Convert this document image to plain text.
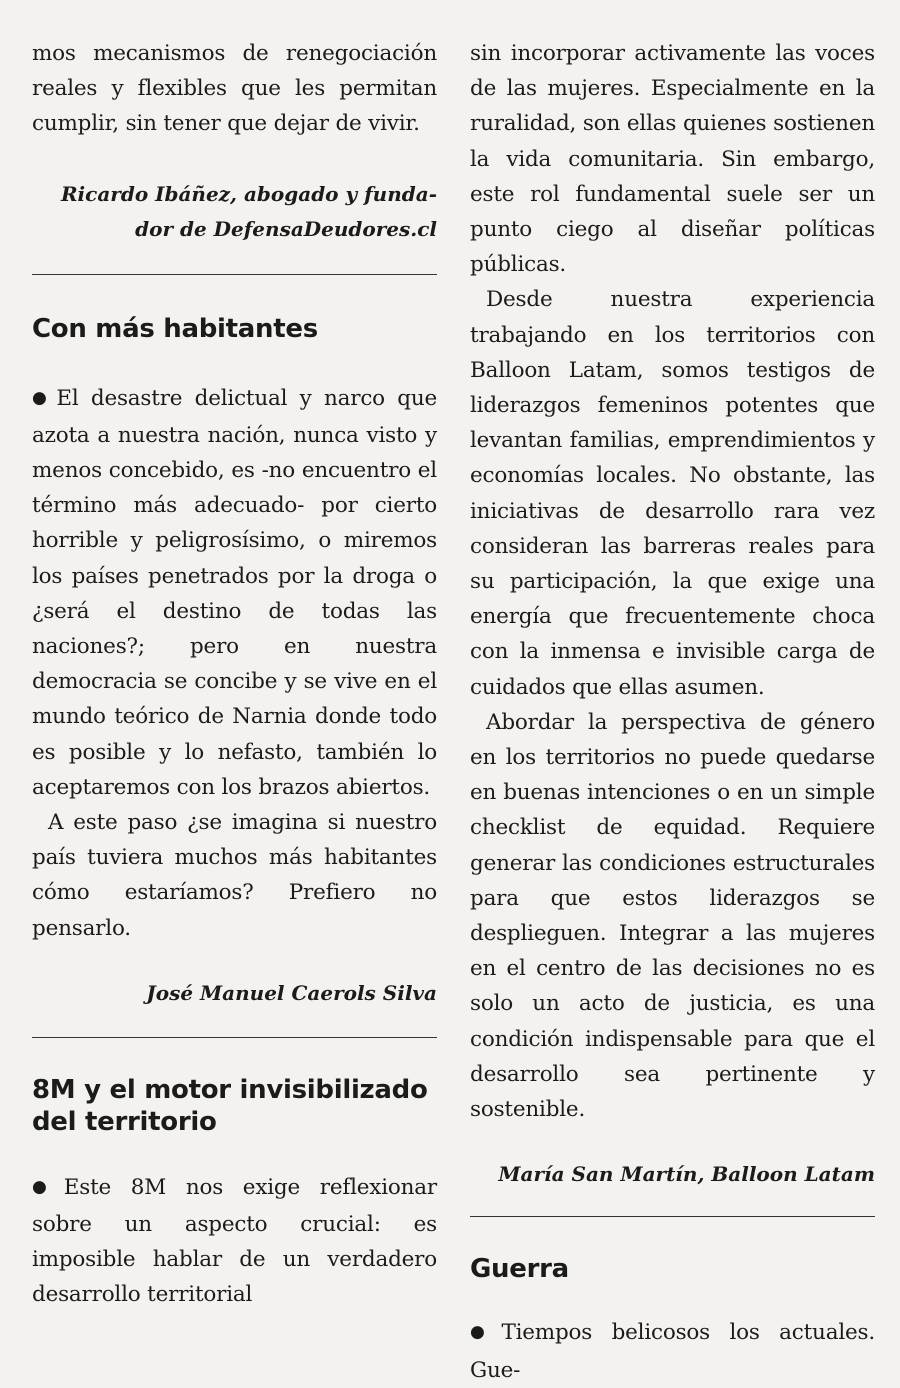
mos mecanismos de renegociación reales y flexibles que les permitan cumplir, sin tener que dejar de vivir.

Ricardo Ibáñez, abogado y funda-
dor de DefensaDeudores.cl

Con más habitantes

● El desastre delictual y narco que azota a nuestra nación, nunca visto y menos concebido, es -no encuentro el término más adecuado- por cierto horrible y peligrosísimo, o miremos los países penetrados por la droga o ¿será el destino de todas las naciones?; pero en nuestra democracia se concibe y se vive en el mundo teórico de Narnia donde todo es posible y lo nefasto, también lo aceptaremos con los brazos abiertos.

A este paso ¿se imagina si nuestro país tuviera muchos más habitantes cómo estaríamos? Prefiero no pensarlo.

José Manuel Caerols Silva

8M y el motor invisibilizado del territorio

● Este 8M nos exige reflexionar sobre un aspecto crucial: es imposible hablar de un verdadero desarrollo territorial

sin incorporar activamente las voces de las mujeres. Especialmente en la ruralidad, son ellas quienes sostienen la vida comunitaria. Sin embargo, este rol fundamental suele ser un punto ciego al diseñar políticas públicas.

Desde nuestra experiencia trabajando en los territorios con Balloon Latam, somos testigos de liderazgos femeninos potentes que levantan familias, emprendimientos y economías locales. No obstante, las iniciativas de desarrollo rara vez consideran las barreras reales para su participación, la que exige una energía que frecuentemente choca con la inmensa e invisible carga de cuidados que ellas asumen.

Abordar la perspectiva de género en los territorios no puede quedarse en buenas intenciones o en un simple checklist de equidad. Requiere generar las condiciones estructurales para que estos liderazgos se desplieguen. Integrar a las mujeres en el centro de las decisiones no es solo un acto de justicia, es una condición indispensable para que el desarrollo sea pertinente y sostenible.

María San Martín, Balloon Latam

Guerra

● Tiempos belicosos los actuales. Gue-
